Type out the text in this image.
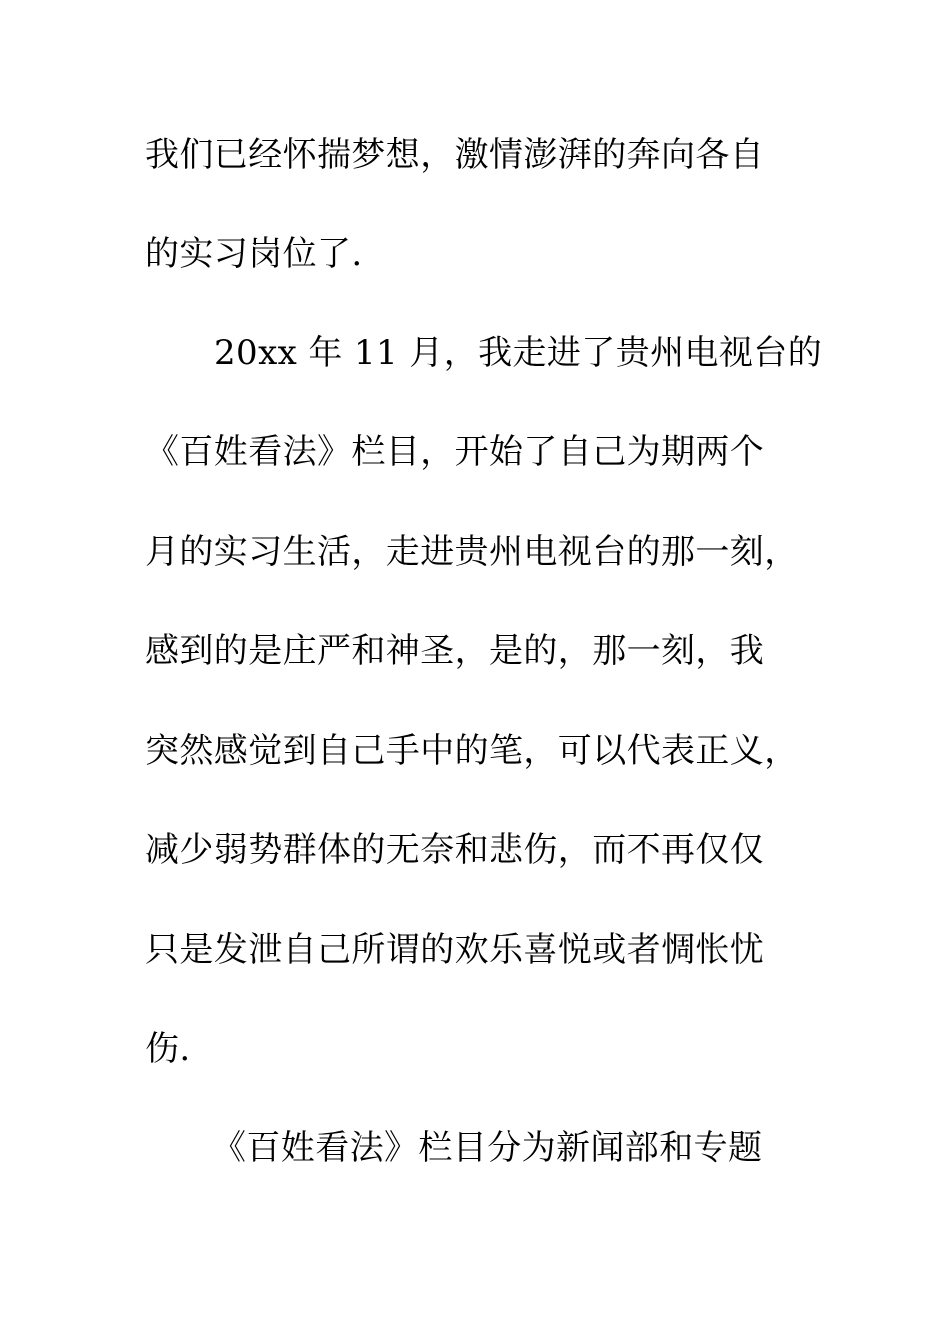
我们已经怀揣梦想，激情澎湃的奔向各自
的实习岗位了.
20xx 年 11 月，我走进了贵州电视台的
《百姓看法》栏目，开始了自己为期两个
月的实习生活，走进贵州电视台的那一刻，
感到的是庄严和神圣，是的，那一刻，我
突然感觉到自己手中的笔，可以代表正义，
减少弱势群体的无奈和悲伤，而不再仅仅
只是发泄自己所谓的欢乐喜悦或者惆怅忧
伤.
《百姓看法》栏目分为新闻部和专题
